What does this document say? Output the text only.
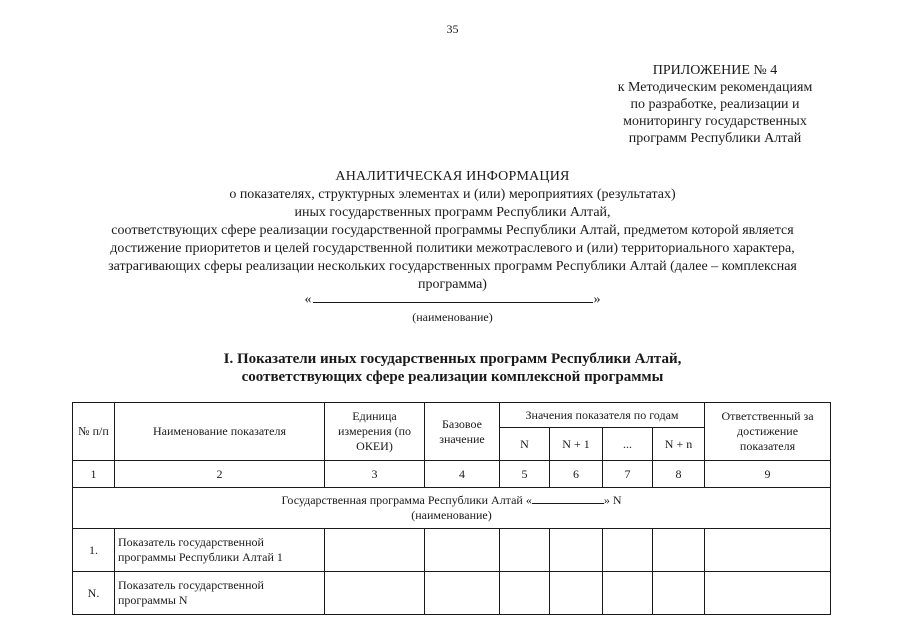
35
ПРИЛОЖЕНИЕ № 4
к Методическим рекомендациям
по разработке, реализации и
мониторингу государственных
программ Республики Алтай
АНАЛИТИЧЕСКАЯ ИНФОРМАЦИЯ
о показателях, структурных элементах и (или) мероприятиях (результатах)
иных государственных программ Республики Алтай,
соответствующих сфере реализации государственной программы Республики Алтай, предметом которой является
достижение приоритетов и целей государственной политики межотраслевого и (или) территориального характера,
затрагивающих сферы реализации нескольких государственных программ Республики Алтай (далее – комплексная
программа)
«	»
(наименование)
I. Показатели иных государственных программ Республики Алтай,
соответствующих сфере реализации комплексной программы
№ п/п	Наименование показателя	Единица измерения (по ОКЕИ)	Базовое значение	Значения показателя по годам				Ответственный за достижение показателя
				N	N + 1	...	N + n	
1	2	3	4	5	6	7	8	9

Государственная программа Республики Алтай « » N
(наименование)								

1.	Показатель государственной программы Республики Алтай 1							
N.	Показатель государственной программы N							
